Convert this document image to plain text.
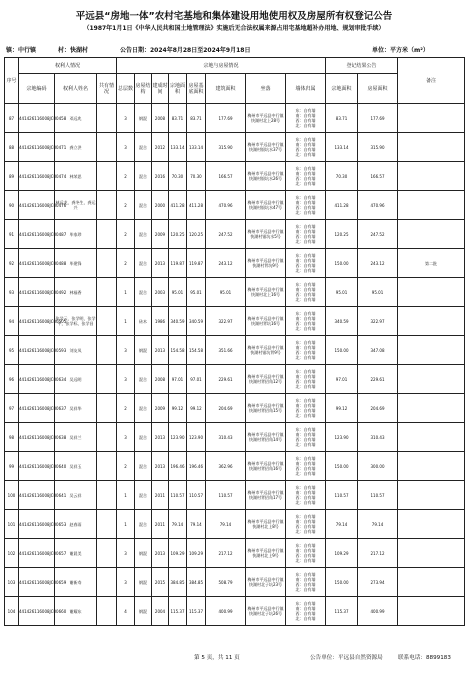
平远县“房地一体”农村宅基地和集体建设用地使用权及房屋所有权登记公告
（1987年1月1日《中华人民共和国土地管理法》实施后无合法权属来源占用宅基地超补办用地、规划审批手续）
镇：中行镇	村：快湖村	公告日期：2024年8月28日至2024年9月18日	单位：平方米（m²）
序号	权利人情况			宗地与房屋情况								登记结果公告		备注
	宗地编码	权利人姓名	共有情况	总层数	房屋结构	建成时间	宗地面积	房屋基底面积	建筑面积	坐落	墙体归属	宗地面积	房屋面积	
87	441426116008JC00458	邓远兆		3	钢混	2008	83.71	83.71	177.69	梅州市平远县中行镇快湖村北上28号	东：自有墙
南：自有墙
西：自有墙
北：自有墙	83.71	177.69	
88	441426116008JC00471	龚立洪		3	混合	2012	133.14	133.14	315.90	梅州市平远县中行镇快湖村银坑水37号	东：自有墙
南：自有墙
西：自有墙
北：自有墙	133.14	315.90	
89	441426116008JC00474	林荣思		2	混合	2016	70.30	70.30	166.57	梅州市平远县中行镇快湖村银坑水26号	东：自有墙
南：自有墙
西：自有墙
北：自有墙	70.30	166.57	
90	441426116008JC00476	林远龙，龚冬生，龚运兴		2	混合	2000	411.28	411.28	470.96	梅州市平远县中行镇快湖村银坑水47号	东：自有墙
南：自有墙
西：自有墙
北：自有墙	411.28	470.96	
91	441426116008JC00487	毕家珍		2	混合	2009	120.25	120.25	247.52	梅州市平远县中行镇快湖村银坑水5号	东：自有墙
南：自有墙
西：自有墙
北：自有墙	120.25	247.52	
92	441426116008JC00488	毕建锋		2	混合	2013	119.87	119.87	243.12	梅州市平远县中行镇快湖村背坑9号	东：自有墙
南：自有墙
西：自有墙
北：自有墙	150.00	243.12	第二批
93	441426116008JC00492	林福香		1	混合	2003	95.01	95.01	95.01	梅州市平远县中行镇快湖村北上16号	东：自有墙
南：自有墙
西：自有墙
北：自有墙	95.01	95.01	
94	441426116008JC00505	张学云，张学明，张学平，张学标，张学昌		1	砖木	1986	340.59	340.59	322.97	梅州市平远县中行镇快湖村背坑16号	东：自有墙
南：自有墙
西：自有墙
北：自有墙	340.59	322.97	
95	441426116008JC00593	刘友凤		3	钢混	2013	154.58	154.58	351.66	梅州市平远县中行镇快湖村银坑背9号	东：自有墙
南：自有墙
西：自有墙
北：自有墙	150.00	347.08	
96	441426116008JC00634	吴远明		3	混合	2008	97.01	97.01	229.61	梅州市平远县中行镇快湖村背招角12号	东：自有墙
南：自有墙
西：自有墙
北：自有墙	97.01	229.61	
97	441426116008JC00637	吴祥华		2	混合	2009	99.12	99.12	204.69	梅州市平远县中行镇快湖村背招角15号	东：自有墙
南：自有墙
西：自有墙
北：自有墙	99.12	204.69	
98	441426116008JC00638	吴祥兰		3	混合	2013	123.90	123.90	310.43	梅州市平远县中行镇快湖村背招角14号	东：自有墙
南：自有墙
西：自有墙
北：自有墙	123.90	310.43	
99	441426116008JC00640	吴祥玉		2	混合	2013	196.46	196.46	362.96	梅州市平远县中行镇快湖村背招角16号	东：自有墙
南：自有墙
西：自有墙
北：自有墙	150.00	300.00	
100	441426116008JC00641	吴云祥		1	混合	2011	110.57	110.57	110.57	梅州市平远县中行镇快湖村背招角17号	东：自有墙
南：自有墙
西：自有墙
北：自有墙	110.57	110.57	
101	441426116008JC00653	赵春雨		1	混合	2011	79.14	79.14	79.14	梅州市平远县中行镇快湖村北上8号	东：自有墙
南：自有墙
西：自有墙
北：自有墙	79.14	79.14	
102	441426116008JC00657	谢晨美		3	钢混	2013	109.29	109.29	217.12	梅州市平远县中行镇快湖村北上9号	东：自有墙
南：自有墙
西：自有墙
北：自有墙	109.29	217.12	
103	441426116008JC00659	谢新寿		3	钢混	2015	384.85	384.85	508.79	梅州市平远县中行镇快湖村北子坑23号	东：自有墙
南：自有墙
西：自有墙
北：自有墙	150.00	273.94	
104	441426116008JC00660	谢耀东		4	钢混	2004	115.37	115.37	400.99	梅州市平远县中行镇快湖村北子坑26号	东：自有墙
南：自有墙
西：自有墙
北：自有墙	115.37	400.99	
第 5 页，共 11 页	公告单位：平远县自然资源局	联系电话：8899183
